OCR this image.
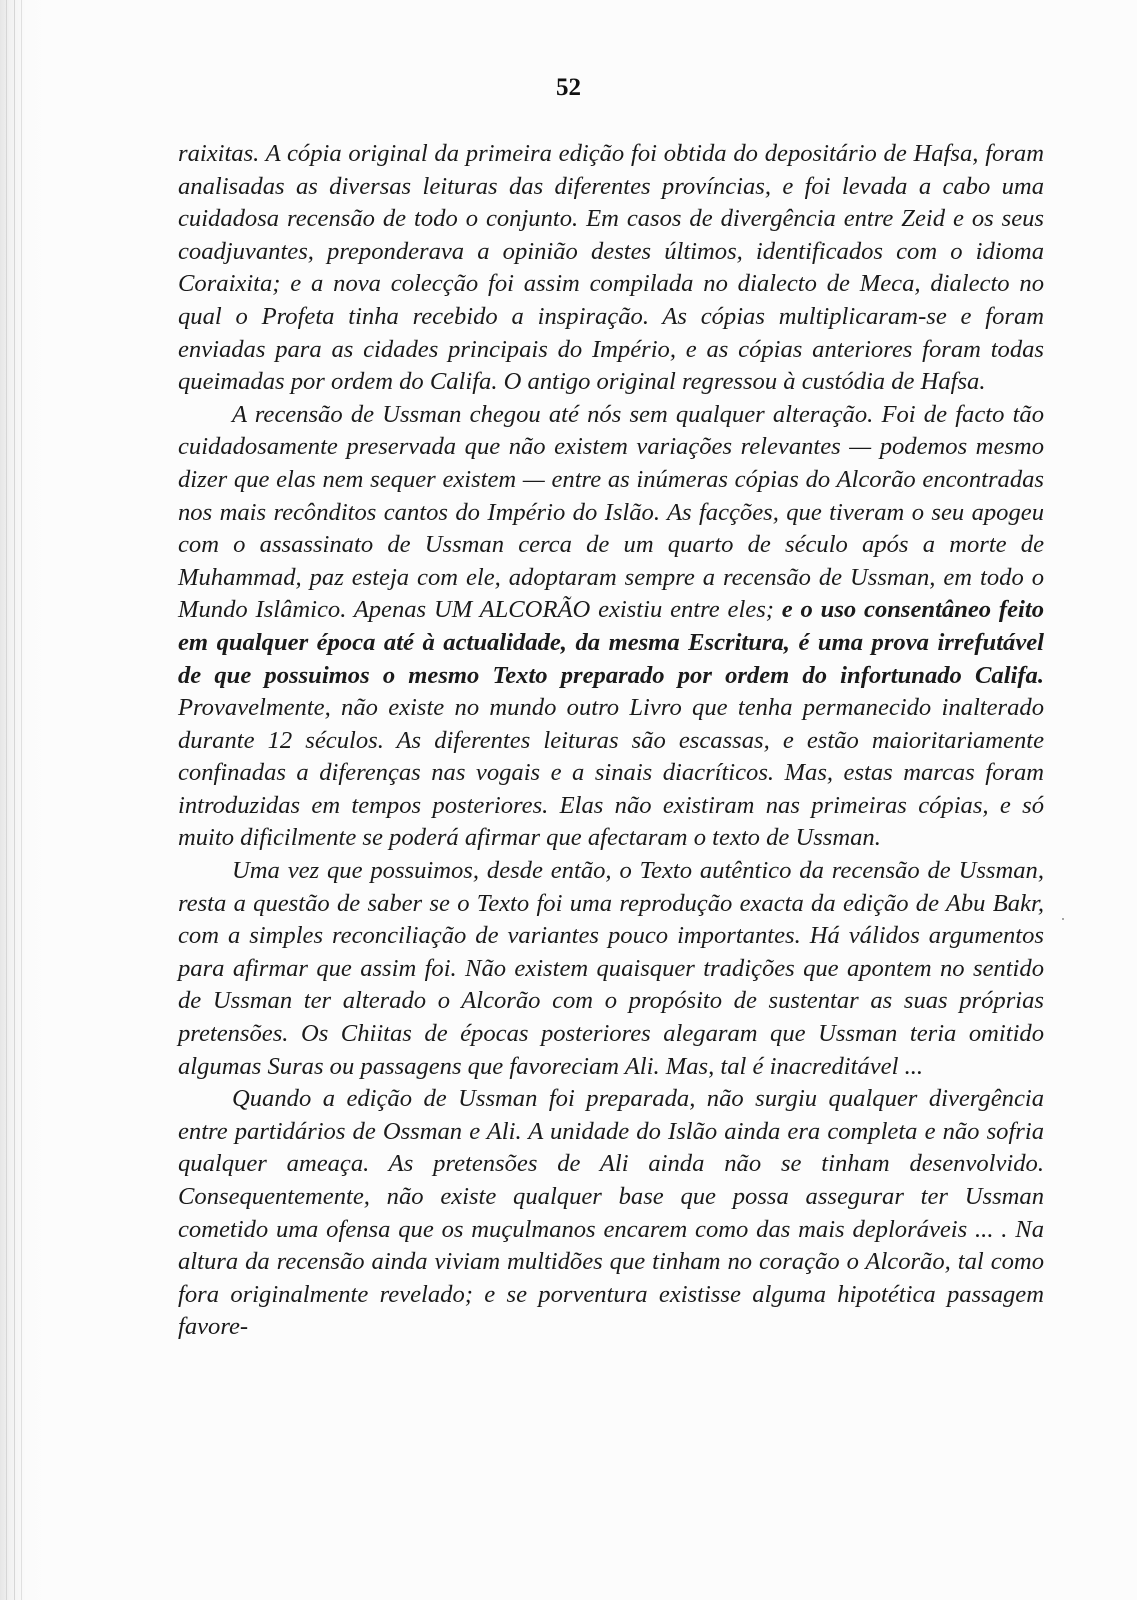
52

raixitas. A cópia original da primeira edição foi obtida do depositário de Hafsa, foram analisadas as diversas leituras das diferentes províncias, e foi levada a cabo uma cuidadosa recensão de todo o conjunto. Em casos de divergência entre Zeid e os seus coadjuvantes, preponderava a opinião destes últimos, identificados com o idioma Coraixita; e a nova colecção foi assim compilada no dialecto de Meca, dialecto no qual o Profeta tinha recebido a inspiração. As cópias multiplicaram-se e foram enviadas para as cidades principais do Império, e as cópias anteriores foram todas queimadas por ordem do Califa. O antigo original regressou à custódia de Hafsa.

A recensão de Ussman chegou até nós sem qualquer alteração. Foi de facto tão cuidadosamente preservada que não existem variações relevantes — podemos mesmo dizer que elas nem sequer existem — entre as inúmeras cópias do Alcorão encontradas nos mais recônditos cantos do Império do Islão. As facções, que tiveram o seu apogeu com o assassinato de Ussman cerca de um quarto de século após a morte de Muhammad, paz esteja com ele, adoptaram sempre a recensão de Ussman, em todo o Mundo Islâmico. Apenas UM ALCORÃO existiu entre eles; e o uso consentâneo feito em qualquer época até à actualidade, da mesma Escritura, é uma prova irrefutável de que possuimos o mesmo Texto preparado por ordem do infortunado Califa. Provavelmente, não existe no mundo outro Livro que tenha permanecido inalterado durante 12 séculos. As diferentes leituras são escassas, e estão maioritariamente confinadas a diferenças nas vogais e a sinais diacríticos. Mas, estas marcas foram introduzidas em tempos posteriores. Elas não existiram nas primeiras cópias, e só muito dificilmente se poderá afirmar que afectaram o texto de Ussman.

Uma vez que possuimos, desde então, o Texto autêntico da recensão de Ussman, resta a questão de saber se o Texto foi uma reprodução exacta da edição de Abu Bakr, com a simples reconciliação de variantes pouco importantes. Há válidos argumentos para afirmar que assim foi. Não existem quaisquer tradições que apontem no sentido de Ussman ter alterado o Alcorão com o propósito de sustentar as suas próprias pretensões. Os Chiitas de épocas posteriores alegaram que Ussman teria omitido algumas Suras ou passagens que favoreciam Ali. Mas, tal é inacreditável ...

Quando a edição de Ussman foi preparada, não surgiu qualquer divergência entre partidários de Ossman e Ali. A unidade do Islão ainda era completa e não sofria qualquer ameaça. As pretensões de Ali ainda não se tinham desenvolvido. Consequentemente, não existe qualquer base que possa assegurar ter Ussman cometido uma ofensa que os muçulmanos encarem como das mais deploráveis ... . Na altura da recensão ainda viviam multidões que tinham no coração o Alcorão, tal como fora originalmente revelado; e se porventura existisse alguma hipotética passagem favore-
